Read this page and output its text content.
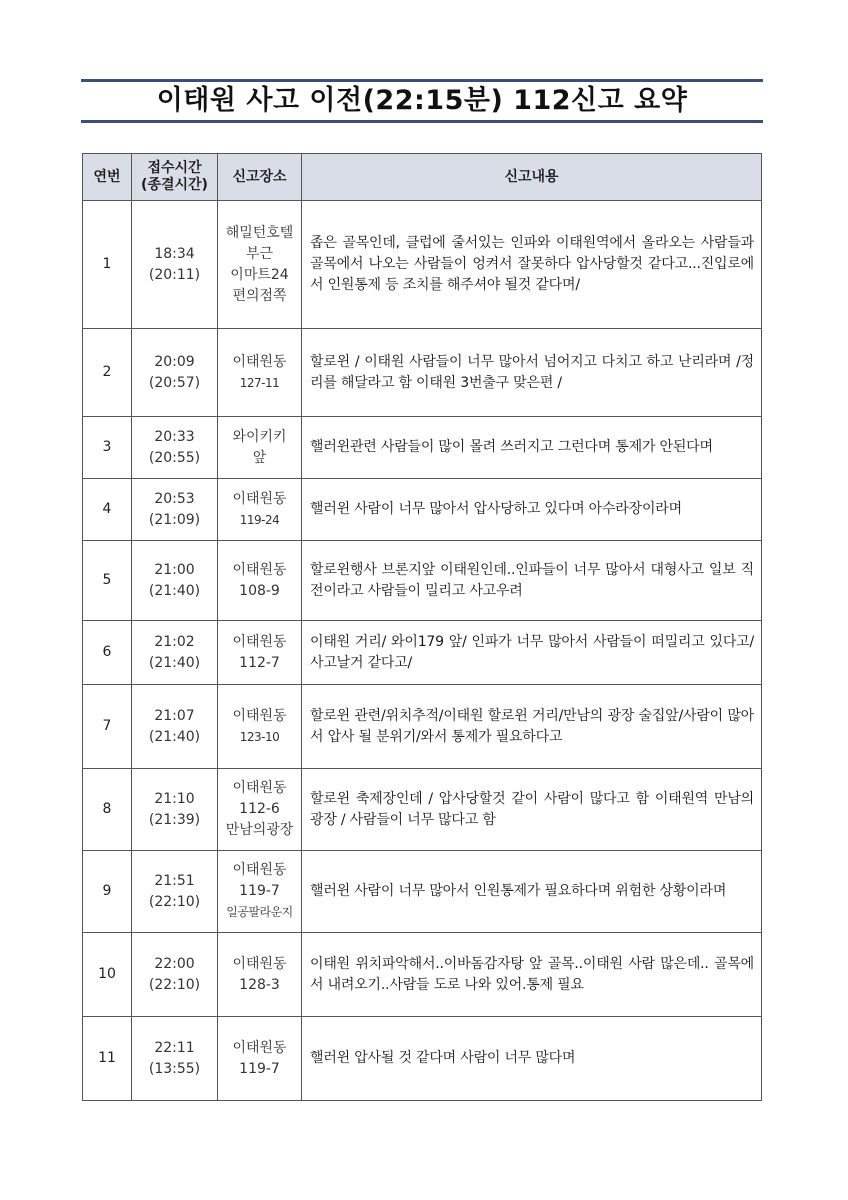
이태원 사고 이전(22:15분) 112신고 요약
연번	접수시간
(종결시간)	신고장소	신고내용
1	18:34
(20:11)	해밀턴호텔
부근
이마트24
편의점쪽	좁은 골목인데, 클럽에 줄서있는 인파와 이태원역에서 올라오는 사람들과 골목에서 나오는 사람들이 엉켜서 잘못하다 압사당할것 같다고...진입로에서 인원통제 등 조치를 해주셔야 될것 같다며/
2	20:09
(20:57)	이태원동
127-11	할로윈 / 이태원 사람들이 너무 많아서 넘어지고 다치고 하고 난리라며 /정리를 해달라고 함 이태원 3번출구 맞은편 /
3	20:33
(20:55)	와이키키
앞	핼러윈관련 사람들이 많이 몰려 쓰러지고 그런다며 통제가 안된다며
4	20:53
(21:09)	이태원동
119-24	핼러윈 사람이 너무 많아서 압사당하고 있다며 아수라장이라며
5	21:00
(21:40)	이태원동
108-9	할로윈행사 브론지앞 이태원인데..인파들이 너무 많아서 대형사고 일보 직전이라고 사람들이 밀리고 사고우려
6	21:02
(21:40)	이태원동
112-7	이태원 거리/ 와이179 앞/ 인파가 너무 많아서 사람들이 떠밀리고 있다고/ 사고날거 같다고/
7	21:07
(21:40)	이태원동
123-10	할로윈 관련/위치추적/이태원 할로윈 거리/만남의 광장 술집앞/사람이 많아서 압사 될 분위기/와서 통제가 필요하다고
8	21:10
(21:39)	이태원동
112-6
만남의광장	할로윈 축제장인데 / 압사당할것 같이 사람이 많다고 함 이태원역 만남의 광장 / 사람들이 너무 많다고 함
9	21:51
(22:10)	이태원동
119-7
일공팔라운지	핼러윈 사람이 너무 많아서 인원통제가 필요하다며 위험한 상황이라며
10	22:00
(22:10)	이태원동
128-3	이태원 위치파악해서..이바돔감자탕 앞 골목..이태원 사람 많은데.. 골목에서 내려오기..사람들 도로 나와 있어.통제 필요
11	22:11
(13:55)	이태원동
119-7	핼러윈 압사될 것 같다며 사람이 너무 많다며
